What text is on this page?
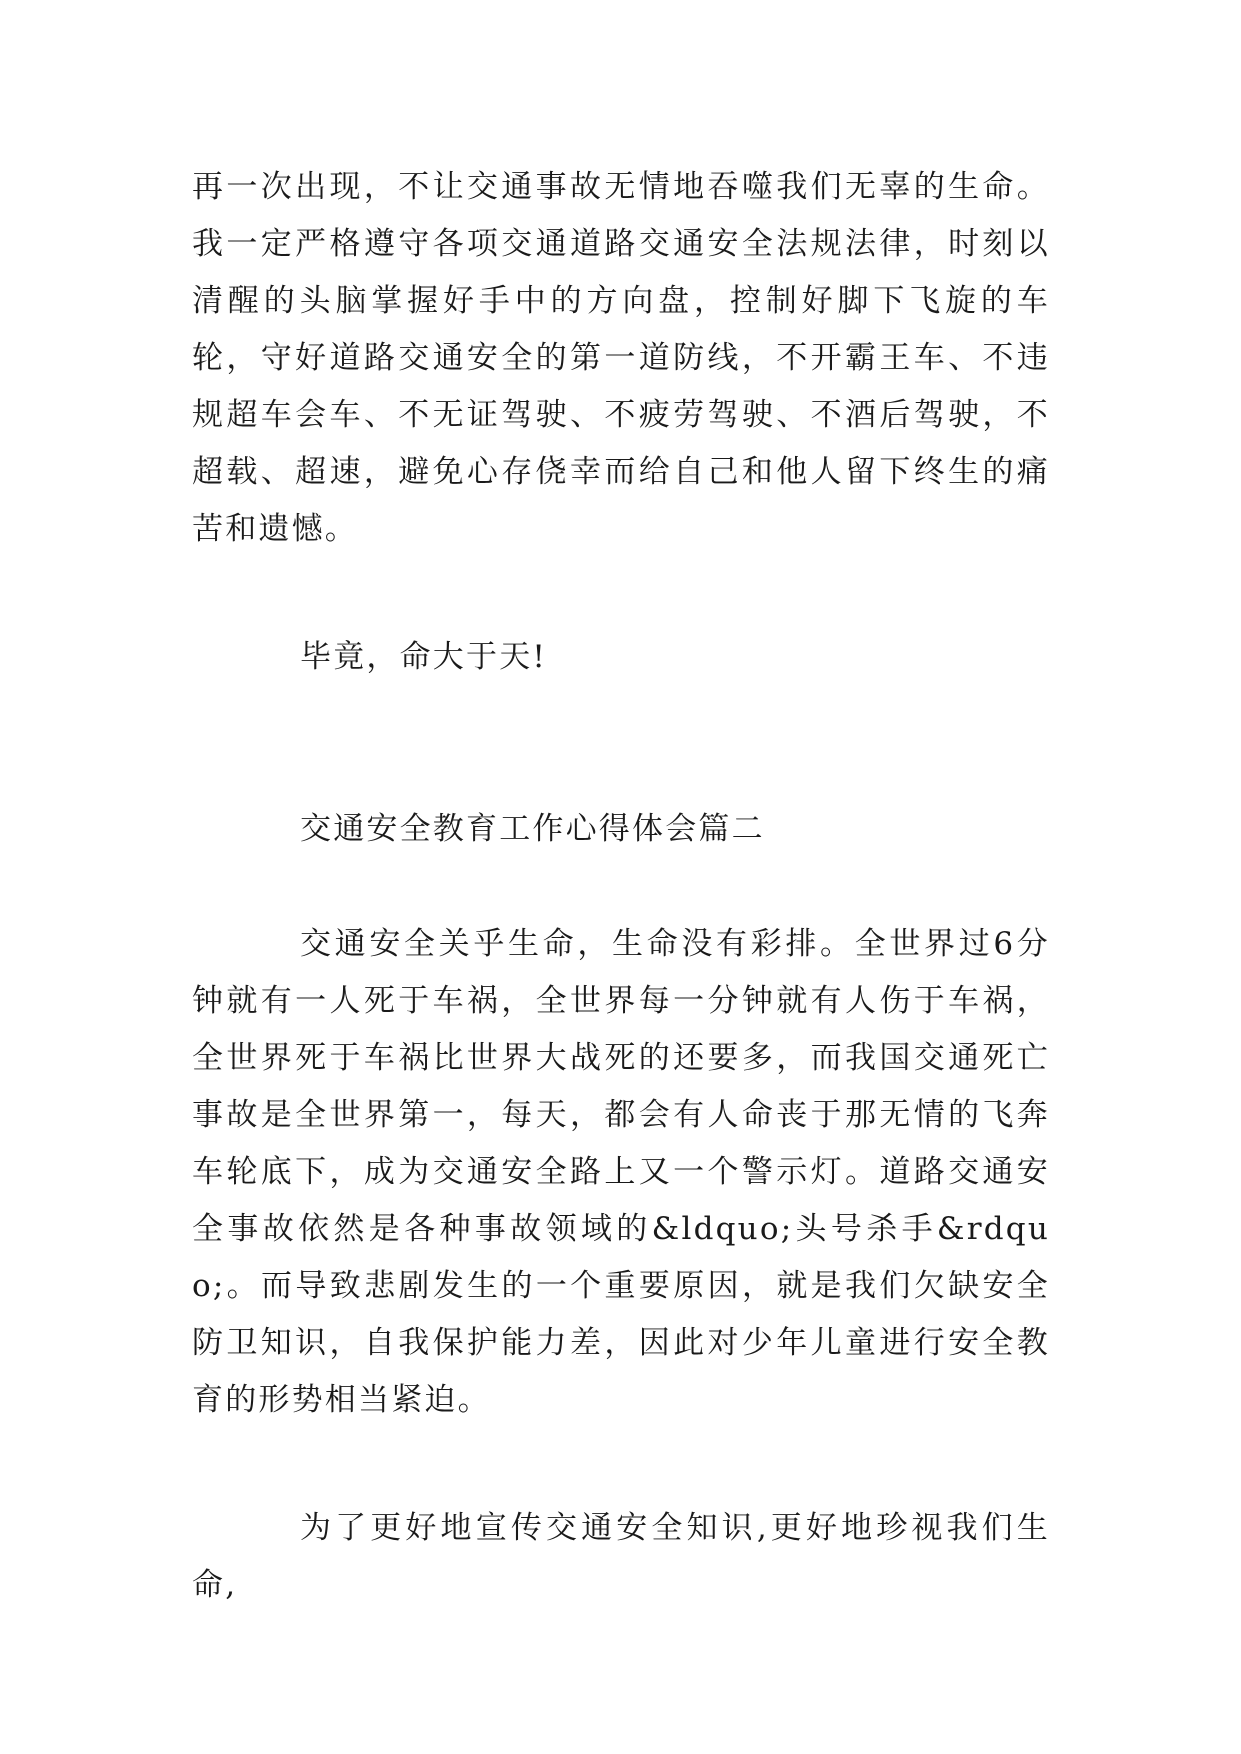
再一次出现，不让交通事故无情地吞噬我们无辜的生命。我一定严格遵守各项交通道路交通安全法规法律，时刻以清醒的头脑掌握好手中的方向盘，控制好脚下飞旋的车轮，守好道路交通安全的第一道防线，不开霸王车、不违规超车会车、不无证驾驶、不疲劳驾驶、不酒后驾驶，不超载、超速，避免心存侥幸而给自己和他人留下终生的痛苦和遗憾。

毕竟，命大于天!

交通安全教育工作心得体会篇二

交通安全关乎生命，生命没有彩排。全世界过6分钟就有一人死于车祸，全世界每一分钟就有人伤于车祸，全世界死于车祸比世界大战死的还要多，而我国交通死亡事故是全世界第一，每天，都会有人命丧于那无情的飞奔车轮底下，成为交通安全路上又一个警示灯。道路交通安全事故依然是各种事故领域的&ldquo;头号杀手&rdquo;。而导致悲剧发生的一个重要原因，就是我们欠缺安全防卫知识，自我保护能力差，因此对少年儿童进行安全教育的形势相当紧迫。

为了更好地宣传交通安全知识,更好地珍视我们生命,
